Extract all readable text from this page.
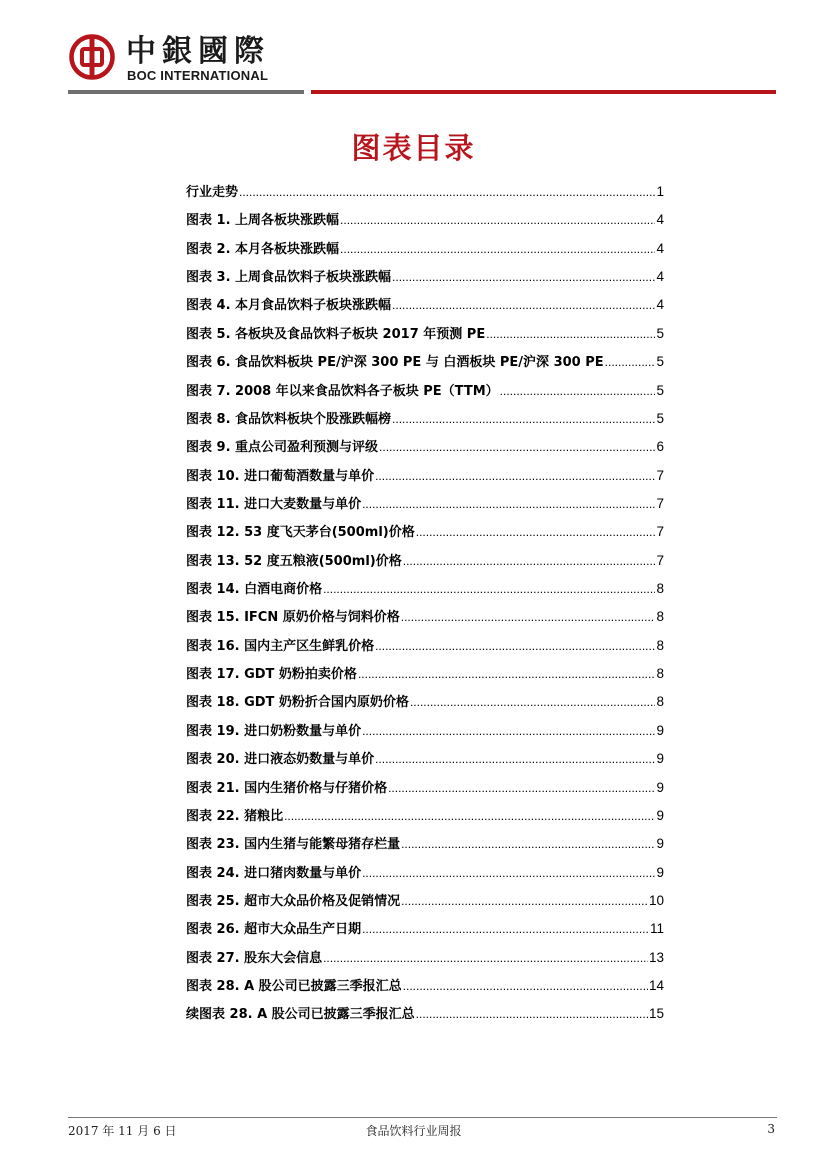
中銀國際
BOC INTERNATIONAL
图表目录
行业走势 .....	1
图表 1. 上周各板块涨跌幅 .....	4
图表 2. 本月各板块涨跌幅 .....	4
图表 3. 上周食品饮料子板块涨跌幅 .....	4
图表 4. 本月食品饮料子板块涨跌幅 .....	4
图表 5. 各板块及食品饮料子板块 2017 年预测 PE .....	5
图表 6. 食品饮料板块 PE/沪深 300 PE 与 白酒板块 PE/沪深 300 PE .....	5
图表 7. 2008 年以来食品饮料各子板块 PE（TTM） .....	5
图表 8. 食品饮料板块个股涨跌幅榜 .....	5
图表 9. 重点公司盈利预测与评级 .....	6
图表 10. 进口葡萄酒数量与单价 .....	7
图表 11. 进口大麦数量与单价 .....	7
图表 12. 53 度飞天茅台(500ml)价格 .....	7
图表 13. 52 度五粮液(500ml)价格 .....	7
图表 14. 白酒电商价格 .....	8
图表 15. IFCN 原奶价格与饲料价格 .....	8
图表 16. 国内主产区生鲜乳价格 .....	8
图表 17. GDT 奶粉拍卖价格 .....	8
图表 18. GDT 奶粉折合国内原奶价格 .....	8
图表 19. 进口奶粉数量与单价 .....	9
图表 20. 进口液态奶数量与单价 .....	9
图表 21. 国内生猪价格与仔猪价格 .....	9
图表 22. 猪粮比 .....	9
图表 23. 国内生猪与能繁母猪存栏量 .....	9
图表 24. 进口猪肉数量与单价 .....	9
图表 25. 超市大众品价格及促销情况 .....	10
图表 26. 超市大众品生产日期 .....	11
图表 27. 股东大会信息 .....	13
图表 28. A 股公司已披露三季报汇总 .....	14
续图表 28. A 股公司已披露三季报汇总 .....	15
2017 年 11 月 6 日	食品饮料行业周报	3
